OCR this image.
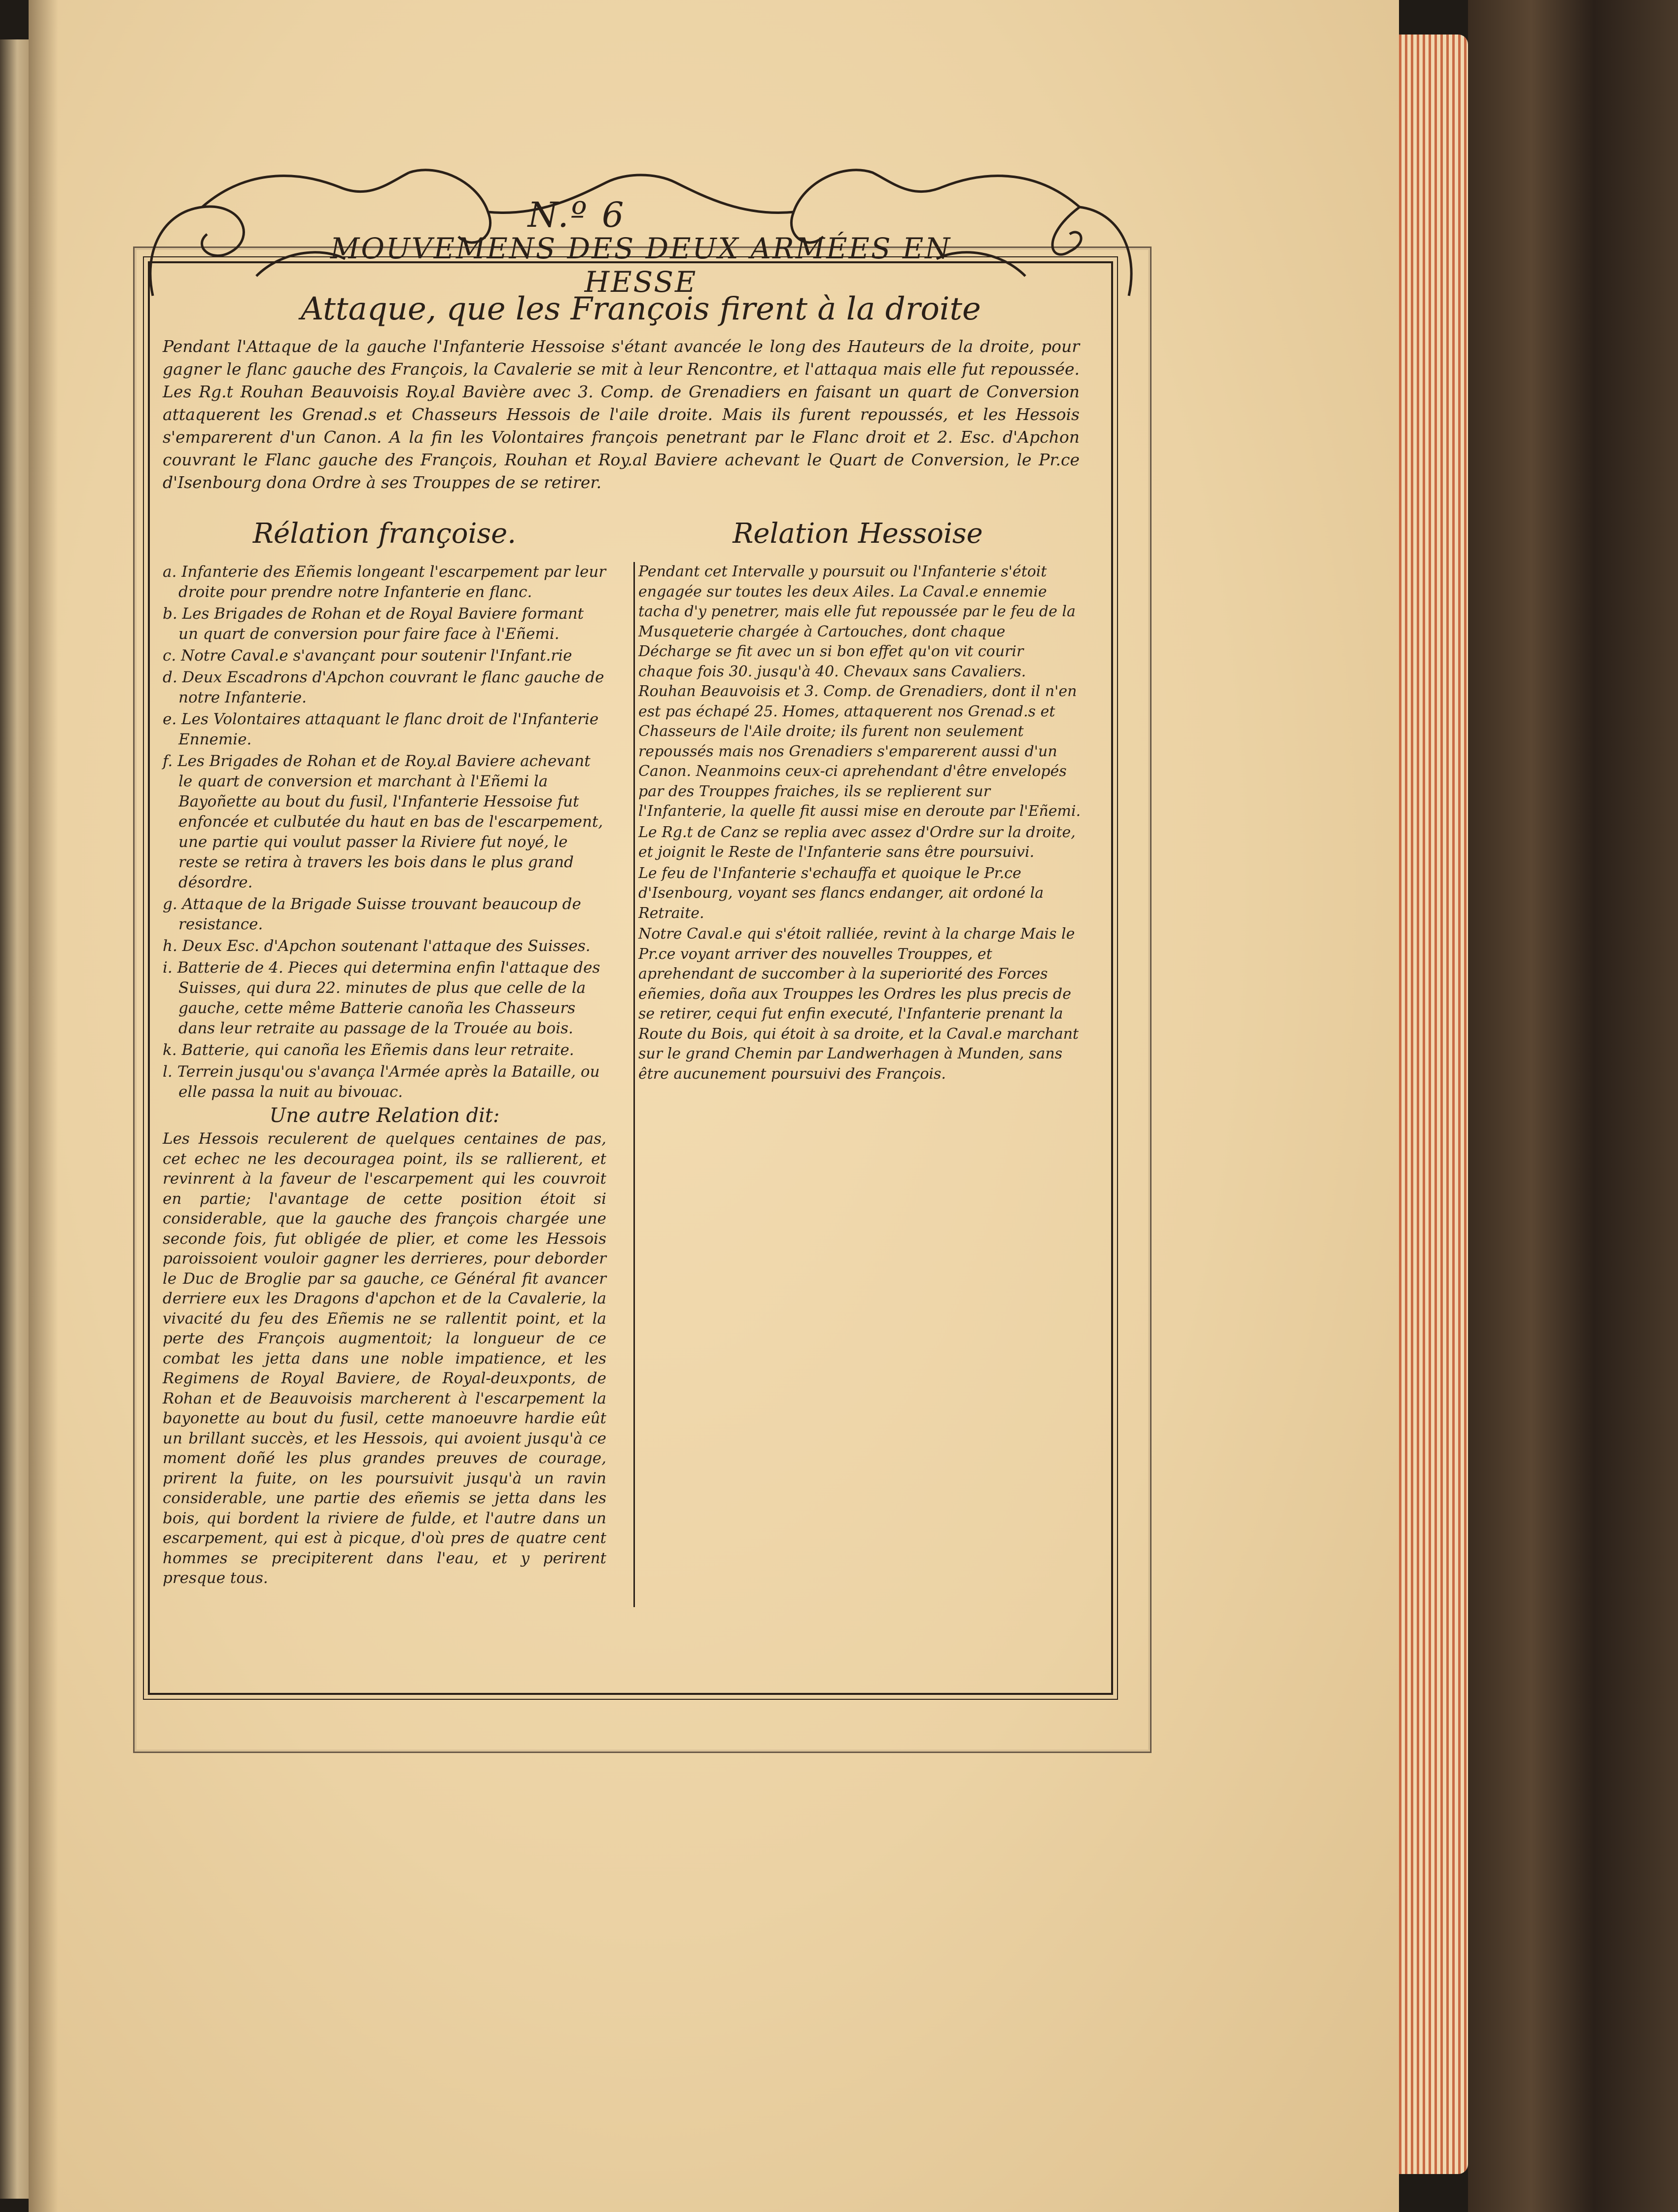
N.º 6
MOUVEMENS DES DEUX ARMÉES EN HESSE
Attaque, que les François firent à la droite

Pendant l'Attaque de la gauche l'Infanterie Hessoise s'étant avancée le long des Hauteurs de la droite, pour gagner le flanc gauche des François, la Cavalerie se mit à leur Rencontre, et l'attaqua mais elle fut repoussée. Les Rg.t Rouhan Beauvoisis Roy.al Bavière avec 3. Comp. de Grenadiers en faisant un quart de Conversion attaquerent les Grenad.s et Chasseurs Hessois de l'aile droite. Mais ils furent repoussés, et les Hessois s'emparerent d'un Canon. A la fin les Volontaires françois penetrant par le Flanc droit et 2. Esc. d'Apchon couvrant le Flanc gauche des François, Rouhan et Roy.al Baviere achevant le Quart de Conversion, le Pr.ce d'Isenbourg dona Ordre à ses Trouppes de se retirer.

Rélation françoise.	Relation Hessoise
a. Infanterie des Eñemis longeant l'escarpement par leur droite pour prendre notre Infanterie en flanc.
b. Les Brigades de Rohan et de Royal Baviere formant un quart de conversion pour faire face à l'Eñemi.
c. Notre Caval.e s'avançant pour soutenir l'Infant.rie
d. Deux Escadrons d'Apchon couvrant le flanc gauche de notre Infanterie.
e. Les Volontaires attaquant le flanc droit de l'Infanterie Ennemie.
f. Les Brigades de Rohan et de Roy.al Baviere achevant le quart de conversion et marchant à l'Eñemi la Bayoñette au bout du fusil, l'Infanterie Hessoise fut enfoncée et culbutée du haut en bas de l'escarpement, une partie qui voulut passer la Riviere fut noyé, le reste se retira à travers les bois dans le plus grand désordre.
g. Attaque de la Brigade Suisse trouvant beaucoup de resistance.
h. Deux Esc. d'Apchon soutenant l'attaque des Suisses.
i. Batterie de 4. Pieces qui determina enfin l'attaque des Suisses, qui dura 22. minutes de plus que celle de la gauche, cette même Batterie canoña les Chasseurs dans leur retraite au passage de la Trouée au bois.
k. Batterie, qui canoña les Eñemis dans leur retraite.
l. Terrein jusqu'ou s'avança l'Armée après la Bataille, ou elle passa la nuit au bivouac.
Une autre Relation dit:

Les Hessois reculerent de quelques centaines de pas, cet echec ne les decouragea point, ils se rallierent, et revinrent à la faveur de l'escarpement qui les couvroit en partie; l'avantage de cette position étoit si considerable, que la gauche des françois chargée une seconde fois, fut obligée de plier, et come les Hessois paroissoient vouloir gagner les derrieres, pour deborder le Duc de Broglie par sa gauche, ce Général fit avancer derriere eux les Dragons d'apchon et de la Cavalerie, la vivacité du feu des Eñemis ne se rallentit point, et la perte des François augmentoit; la longueur de ce combat les jetta dans une noble impatience, et les Regimens de Royal Baviere, de Royal-deuxponts, de Rohan et de Beauvoisis marcherent à l'escarpement la bayonette au bout du fusil, cette manoeuvre hardie eût un brillant succès, et les Hessois, qui avoient jusqu'à ce moment doñé les plus grandes preuves de courage, prirent la fuite, on les poursuivit jusqu'à un ravin considerable, une partie des eñemis se jetta dans les bois, qui bordent la riviere de fulde, et l'autre dans un escarpement, qui est à picque, d'où pres de quatre cent hommes se precipiterent dans l'eau, et y perirent presque tous.

Pendant cet Intervalle y poursuit ou l'Infanterie s'étoit engagée sur toutes les deux Ailes. La Caval.e ennemie tacha d'y penetrer, mais elle fut repoussée par le feu de la Musqueterie chargée à Cartouches, dont chaque Décharge se fit avec un si bon effet qu'on vit courir chaque fois 30. jusqu'à 40. Chevaux sans Cavaliers. Rouhan Beauvoisis et 3. Comp. de Grenadiers, dont il n'en est pas échapé 25. Homes, attaquerent nos Grenad.s et Chasseurs de l'Aile droite; ils furent non seulement repoussés mais nos Grenadiers s'emparerent aussi d'un Canon. Neanmoins ceux-ci aprehendant d'être envelopés par des Trouppes fraiches, ils se replierent sur l'Infanterie, la quelle fit aussi mise en deroute par l'Eñemi.

Le Rg.t de Canz se replia avec assez d'Ordre sur la droite, et joignit le Reste de l'Infanterie sans être poursuivi.

Le feu de l'Infanterie s'echauffa et quoique le Pr.ce d'Isenbourg, voyant ses flancs endanger, ait ordoné la Retraite.

Notre Caval.e qui s'étoit ralliée, revint à la charge Mais le Pr.ce voyant arriver des nouvelles Trouppes, et aprehendant de succomber à la superiorité des Forces eñemies, doña aux Trouppes les Ordres les plus precis de se retirer, cequi fut enfin executé, l'Infanterie prenant la Route du Bois, qui étoit à sa droite, et la Caval.e marchant sur le grand Chemin par Landwerhagen à Munden, sans être aucunement poursuivi des François.
